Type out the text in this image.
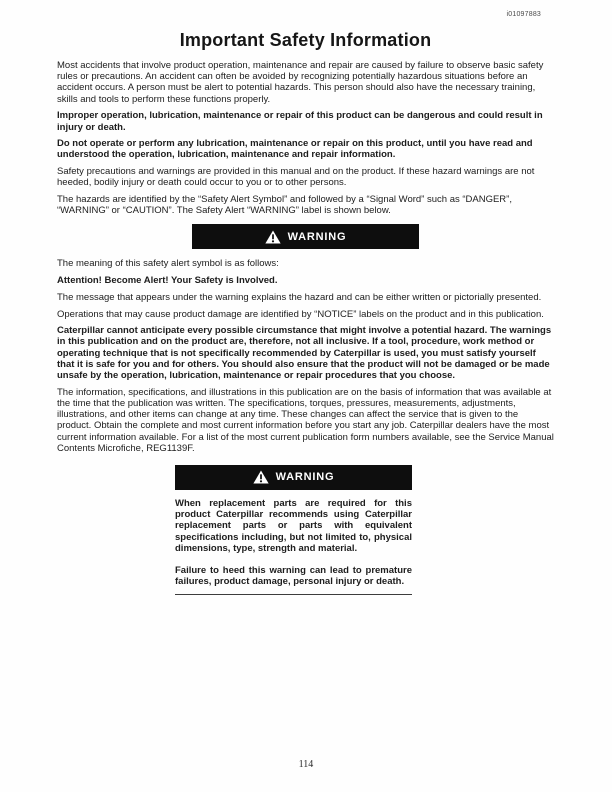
i01097883
Important Safety Information

Most accidents that involve product operation, maintenance and repair are caused by failure to observe basic safety rules or precautions. An accident can often be avoided by recognizing potentially hazardous situations before an accident occurs. A person must be alert to potential hazards. This person should also have the necessary training, skills and tools to perform these functions properly.

Improper operation, lubrication, maintenance or repair of this product can be dangerous and could result in injury or death.

Do not operate or perform any lubrication, maintenance or repair on this product, until you have read and understood the operation, lubrication, maintenance and repair information.

Safety precautions and warnings are provided in this manual and on the product. If these hazard warnings are not heeded, bodily injury or death could occur to you or to other persons.

The hazards are identified by the “Safety Alert Symbol” and followed by a “Signal Word” such as “DANGER”, “WARNING” or “CAUTION”. The Safety Alert “WARNING” label is shown below.

WARNING

The meaning of this safety alert symbol is as follows:

Attention! Become Alert! Your Safety is Involved.

The message that appears under the warning explains the hazard and can be either written or pictorially presented.

Operations that may cause product damage are identified by “NOTICE” labels on the product and in this publication.

Caterpillar cannot anticipate every possible circumstance that might involve a potential hazard. The warnings in this publication and on the product are, therefore, not all inclusive. If a tool, procedure, work method or operating technique that is not specifically recommended by Caterpillar is used, you must satisfy yourself that it is safe for you and for others. You should also ensure that the product will not be damaged or be made unsafe by the operation, lubrication, maintenance or repair procedures that you choose.

The information, specifications, and illustrations in this publication are on the basis of information that was available at the time that the publication was written. The specifications, torques, pressures, measurements, adjustments, illustrations, and other items can change at any time. These changes can affect the service that is given to the product. Obtain the complete and most current information before you start any job. Caterpillar dealers have the most current information available. For a list of the most current publication form numbers available, see the Service Manual Contents Microfiche, REG1139F.

WARNING

When replacement parts are required for this product Caterpillar recommends using Caterpillar replacement parts or parts with equivalent specifications including, but not limited to, physical dimensions, type, strength and material.

Failure to heed this warning can lead to premature failures, product damage, personal injury or death.

114
